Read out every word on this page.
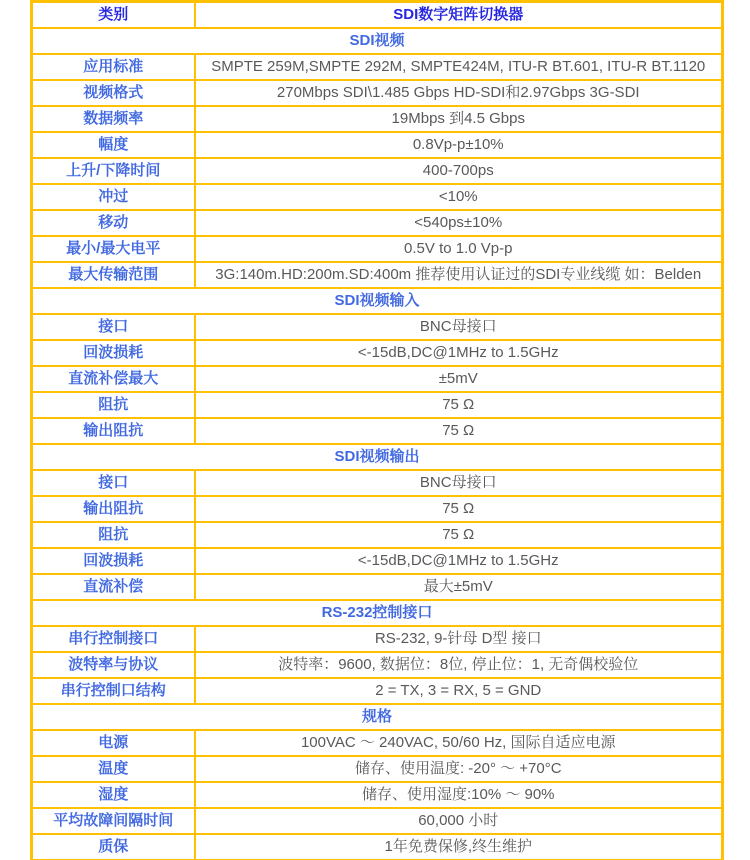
类别	SDI数字矩阵切换器
SDI视频	
应用标准	SMPTE 259M,SMPTE 292M, SMPTE424M, ITU-R BT.601, ITU-R BT.1120
视频格式	270Mbps SDI\1.485 Gbps HD-SDI和2.97Gbps 3G-SDI
数据频率	19Mbps 到4.5 Gbps
幅度	0.8Vp-p±10%
上升/下降时间	400-700ps
冲过	<10%
移动	<540ps±10%
最小/最大电平	0.5V to 1.0 Vp-p
最大传输范围	3G:140m.HD:200m.SD:400m 推荐使用认证过的SDI专业线缆 如：Belden
SDI视频输入	
接口	BNC母接口
回波损耗	<-15dB,DC@1MHz to 1.5GHz
直流补偿最大	±5mV
阻抗	75 Ω
输出阻抗	75 Ω
SDI视频输出	
接口	BNC母接口
输出阻抗	75 Ω
阻抗	75 Ω
回波损耗	<-15dB,DC@1MHz to 1.5GHz
直流补偿	最大±5mV
RS-232控制接口	
串行控制接口	RS-232, 9-针母 D型 接口
波特率与协议	波特率：9600, 数据位：8位, 停止位：1, 无奇偶校验位
串行控制口结构	2 = TX, 3 = RX, 5 = GND
规格	
电源	100VAC ～ 240VAC, 50/60 Hz, 国际自适应电源
温度	储存、使用温度: -20° ～ +70°C
湿度	储存、使用湿度:10% ～ 90%
平均故障间隔时间	60,000 小时
质保	1年免费保修,终生维护
